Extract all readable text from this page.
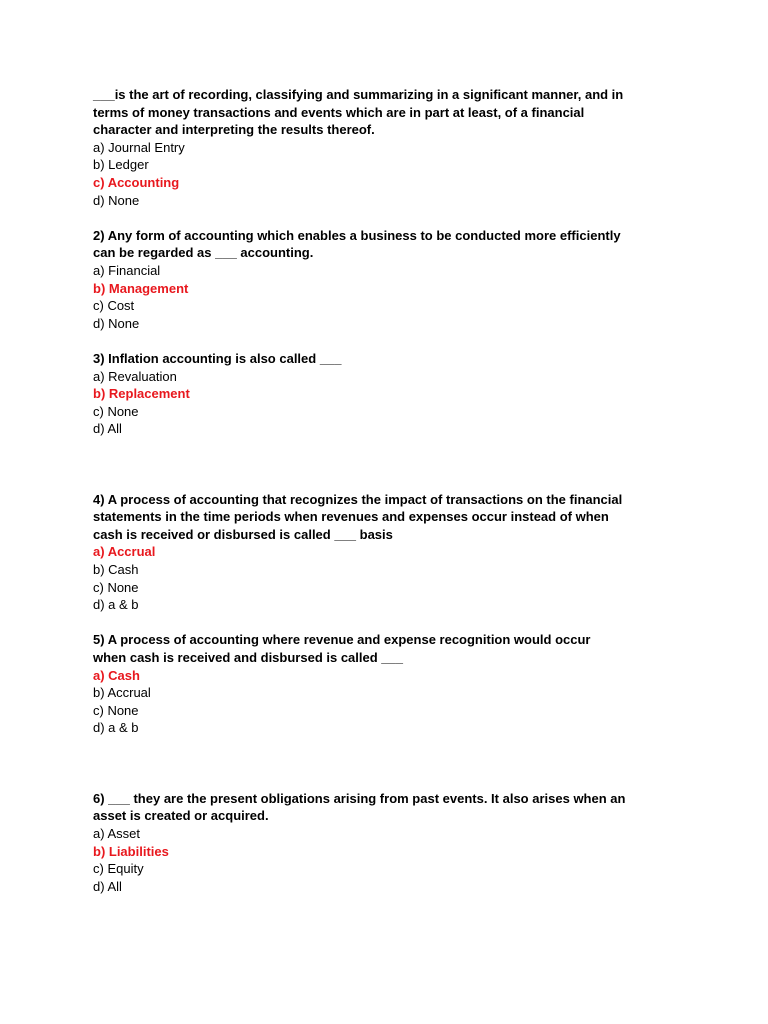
___is the art of recording, classifying and summarizing in a significant manner, and in
terms of money transactions and events which are in part at least, of a financial
character and interpreting the results thereof.

a) Journal Entry

b) Ledger

c) Accounting

d) None

2) Any form of accounting which enables a business to be conducted more efficiently
can be regarded as ___ accounting.

a) Financial

b) Management

c) Cost

d) None

3) Inflation accounting is also called ___

a) Revaluation

b) Replacement

c) None

d) All

4) A process of accounting that recognizes the impact of transactions on the financial
statements in the time periods when revenues and expenses occur instead of when
cash is received or disbursed is called ___ basis

a) Accrual

b) Cash

c) None

d) a & b

5) A process of accounting where revenue and expense recognition would occur
when cash is received and disbursed is called ___

a) Cash

b) Accrual

c) None

d) a & b

6) ___ they are the present obligations arising from past events. It also arises when an
asset is created or acquired.

a) Asset

b) Liabilities

c) Equity

d) All
